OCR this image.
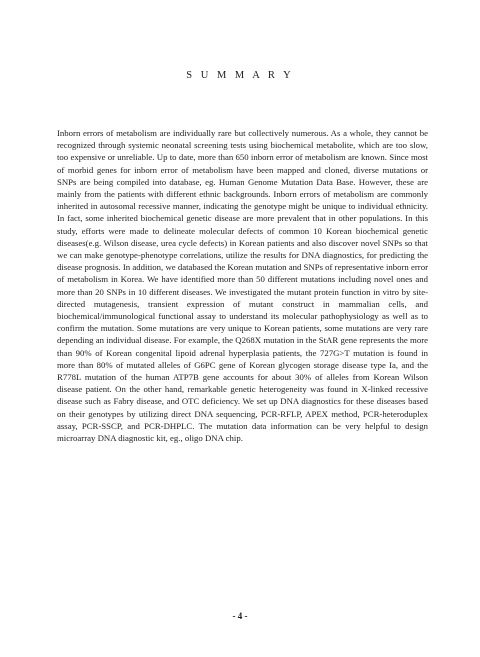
S U M M A R Y

Inborn errors of metabolism are individually rare but collectively numerous. As a whole, they cannot be recognized through systemic neonatal screening tests using biochemical metabolite, which are too slow, too expensive or unreliable. Up to date, more than 650 inborn error of metabolism are known. Since most of morbid genes for inborn error of metabolism have been mapped and cloned, diverse mutations or SNPs are being compiled into database, eg. Human Genome Mutation Data Base. However, these are mainly from the patients with different ethnic backgrounds. Inborn errors of metabolism are commonly inherited in autosomal recessive manner, indicating the genotype might be unique to individual ethnicity. In fact, some inherited biochemical genetic disease are more prevalent that in other populations. In this study, efforts were made to delineate molecular defects of common 10 Korean biochemical genetic diseases(e.g. Wilson disease, urea cycle defects) in Korean patients and also discover novel SNPs so that we can make genotype-phenotype correlations, utilize the results for DNA diagnostics, for predicting the disease prognosis. In addition, we databased the Korean mutation and SNPs of representative inborn error of metabolism in Korea. We have identified more than 50 different mutations including novel ones and more than 20 SNPs in 10 different diseases. We investigated the mutant protein function in vitro by site-directed mutagenesis, transient expression of mutant construct in mammalian cells, and biochemical/immunological functional assay to understand its molecular pathophysiology as well as to confirm the mutation. Some mutations are very unique to Korean patients, some mutations are very rare depending an individual disease. For example, the Q268X mutation in the StAR gene represents the more than 90% of Korean congenital lipoid adrenal hyperplasia patients, the 727G>T mutation is found in more than 80% of mutated alleles of G6PC gene of Korean glycogen storage disease type Ia, and the R778L mutation of the human ATP7B gene accounts for about 30% of alleles from Korean Wilson disease patient. On the other hand, remarkable genetic heterogeneity was found in X-linked recessive disease such as Fabry disease, and OTC deficiency. We set up DNA diagnostics for these diseases based on their genotypes by utilizing direct DNA sequencing, PCR-RFLP, APEX method, PCR-heteroduplex assay, PCR-SSCP, and PCR-DHPLC. The mutation data information can be very helpful to design microarray DNA diagnostic kit, eg., oligo DNA chip.

- 4 -
